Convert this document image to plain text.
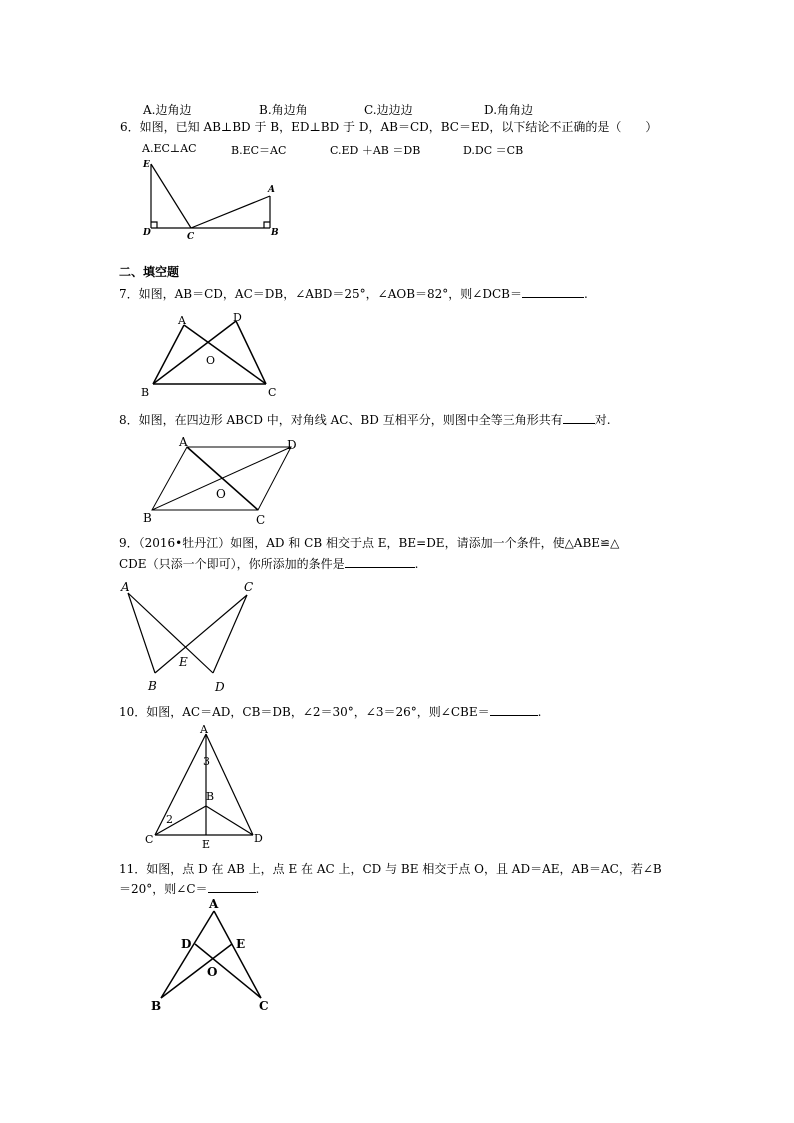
A.边角边	B.角边角	C.边边边	D.角角边
6．如图，已知 AB⊥BD 于 B，ED⊥BD 于 D，AB＝CD，BC＝ED，以下结论不正确的是（　　）
A.EC⊥AC	B.EC＝AC	C.ED ＋AB ＝DB	D.DC ＝CB
E
D	C
A
B
二、填空题
7．如图，AB＝CD，AC＝DB，∠ABD＝25°，∠AOB＝82°，则∠DCB＝	.
A	D
O
B	C
8．如图，在四边形 ABCD 中，对角线 AC、BD 互相平分，则图中全等三角形共有	对.
A	D
O
B	C
9．（2016•牡丹江）如图，AD 和 CB 相交于点 E，BE=DE，请添加一个条件，使△ABE≌△
CDE（只添一个即可），你所添加的条件是	.
A	C
E
B	D
10．如图，AC＝AD，CB＝DB，∠2＝30°，∠3＝26°，则∠CBE＝	.
A
3
B
2
C	E	D
11．如图，点 D 在 AB 上，点 E 在 AC 上，CD 与 BE 相交于点 O，且 AD＝AE，AB＝AC，若∠B
＝20°，则∠C＝	.
A
D	E
O
B	C
